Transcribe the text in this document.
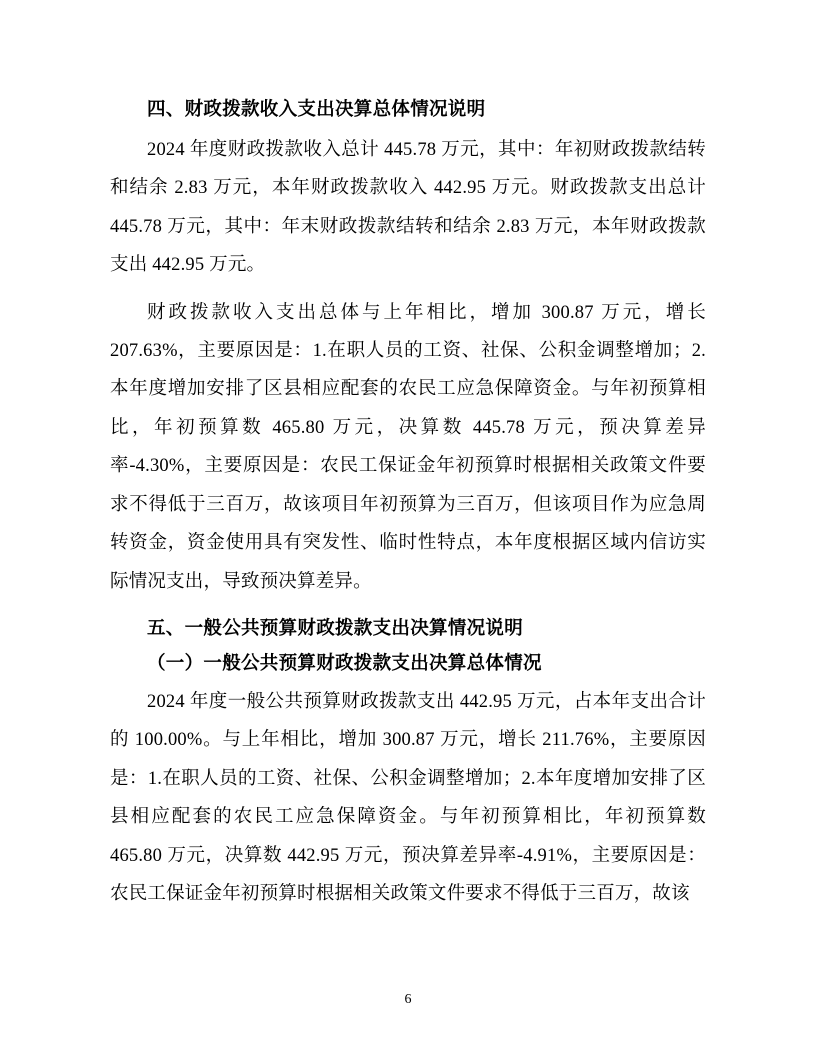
四、财政拨款收入支出决算总体情况说明

2024 年度财政拨款收入总计 445.78 万元，其中：年初财政拨款结转和结余 2.83 万元，本年财政拨款收入 442.95 万元。财政拨款支出总计 445.78 万元，其中：年末财政拨款结转和结余 2.83 万元，本年财政拨款支出 442.95 万元。

财政拨款收入支出总体与上年相比，增加 300.87 万元，增长 207.63%，主要原因是：1.在职人员的工资、社保、公积金调整增加；2.本年度增加安排了区县相应配套的农民工应急保障资金。与年初预算相比，年初预算数 465.80 万元，决算数 445.78 万元，预决算差异率-4.30%，主要原因是：农民工保证金年初预算时根据相关政策文件要求不得低于三百万，故该项目年初预算为三百万，但该项目作为应急周转资金，资金使用具有突发性、临时性特点，本年度根据区域内信访实际情况支出，导致预决算差异。

五、一般公共预算财政拨款支出决算情况说明
（一）一般公共预算财政拨款支出决算总体情况

2024 年度一般公共预算财政拨款支出 442.95 万元，占本年支出合计的 100.00%。与上年相比，增加 300.87 万元，增长 211.76%，主要原因是：1.在职人员的工资、社保、公积金调整增加；2.本年度增加安排了区县相应配套的农民工应急保障资金。与年初预算相比，年初预算数 465.80 万元，决算数 442.95 万元，预决算差异率-4.91%，主要原因是：农民工保证金年初预算时根据相关政策文件要求不得低于三百万，故该

6
